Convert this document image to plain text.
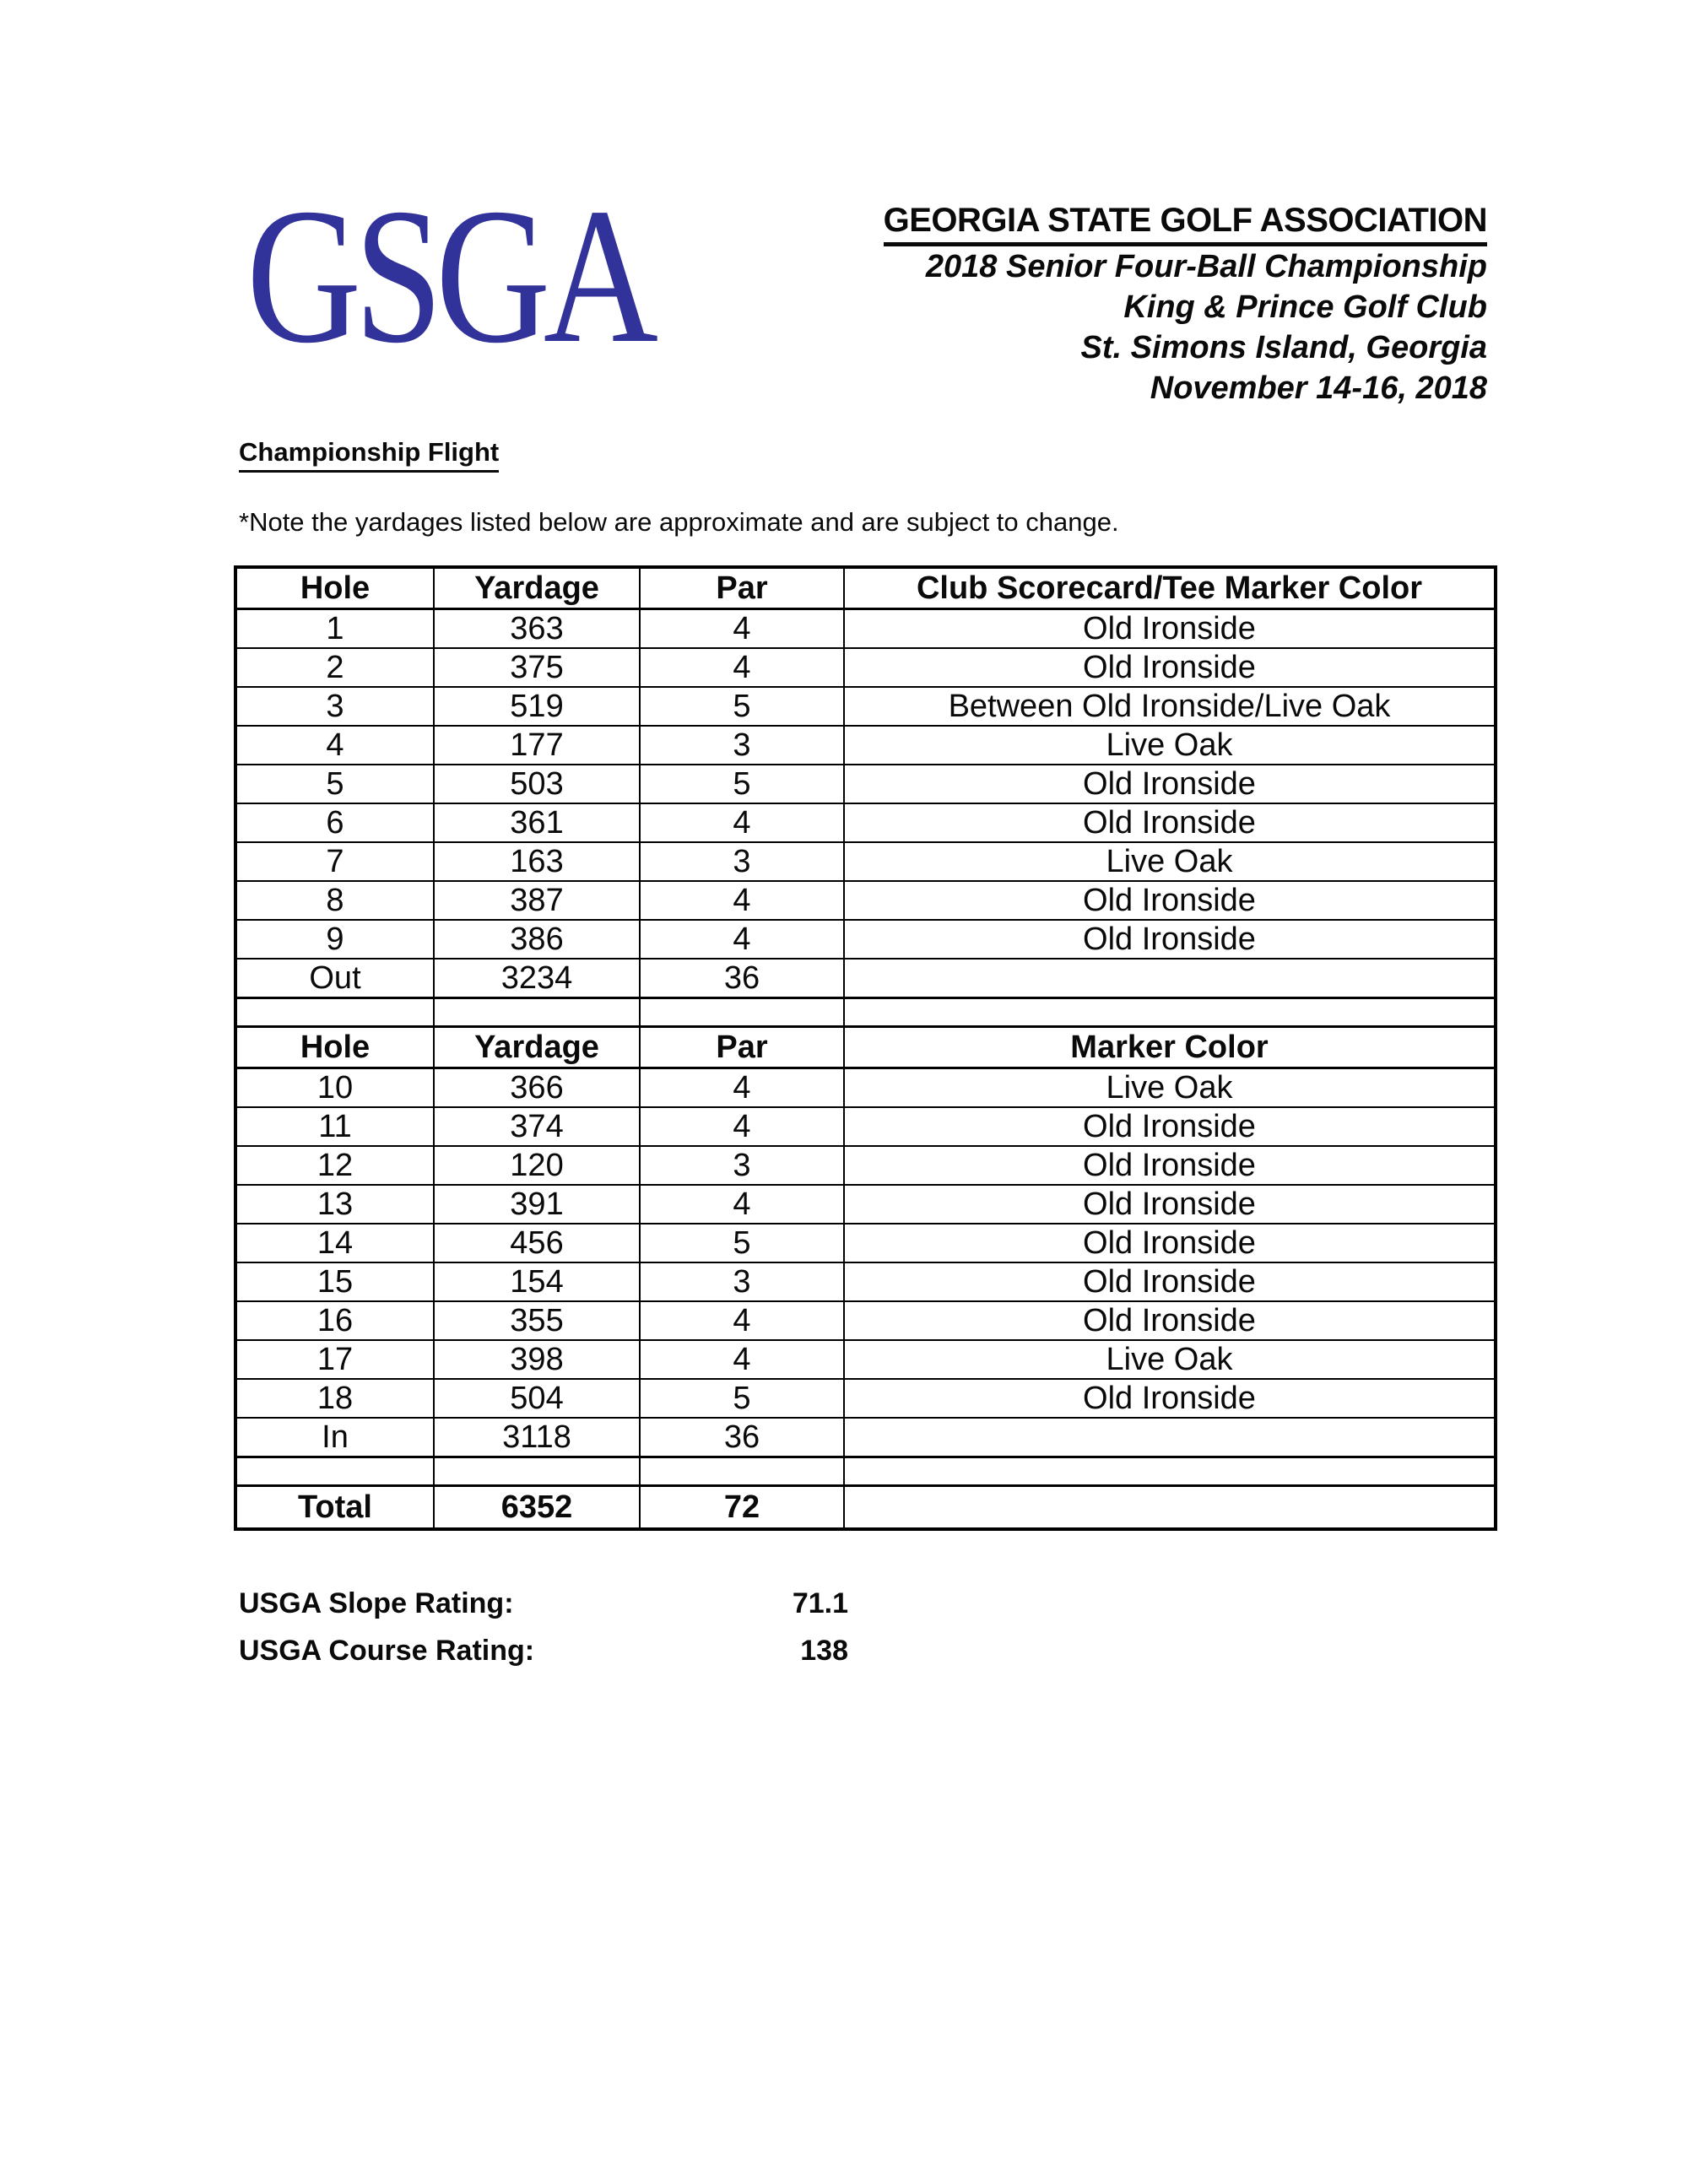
GSGA	GEORGIA STATE GOLF ASSOCIATION
2018 Senior Four-Ball Championship
King & Prince Golf Club
St. Simons Island, Georgia
November 14-16, 2018
Championship Flight
*Note the yardages listed below are approximate and are subject to change.
Hole	Yardage	Par	Club Scorecard/Tee Marker Color
1	363	4	Old Ironside
2	375	4	Old Ironside
3	519	5	Between Old Ironside/Live Oak
4	177	3	Live Oak
5	503	5	Old Ironside
6	361	4	Old Ironside
7	163	3	Live Oak
8	387	4	Old Ironside
9	386	4	Old Ironside
Out	3234	36	

Hole	Yardage	Par	Marker Color
10	366	4	Live Oak
11	374	4	Old Ironside
12	120	3	Old Ironside
13	391	4	Old Ironside
14	456	5	Old Ironside
15	154	3	Old Ironside
16	355	4	Old Ironside
17	398	4	Live Oak
18	504	5	Old Ironside
In	3118	36	

Total	6352	72	
USGA Slope Rating:	71.1
USGA Course Rating:	138
